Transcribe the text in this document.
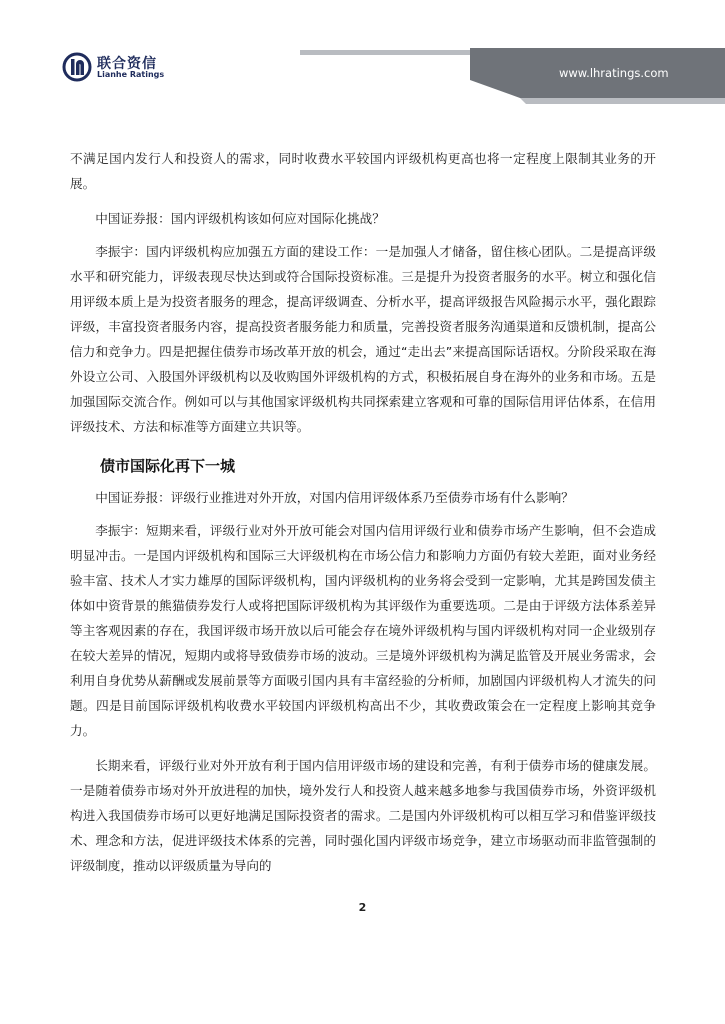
联合资信
Lianhe Ratings	www.lhratings.com

不满足国内发行人和投资人的需求，同时收费水平较国内评级机构更高也将一定程度上限制其业务的开展。

中国证券报：国内评级机构该如何应对国际化挑战？

李振宇：国内评级机构应加强五方面的建设工作：一是加强人才储备，留住核心团队。二是提高评级水平和研究能力，评级表现尽快达到或符合国际投资标准。三是提升为投资者服务的水平。树立和强化信用评级本质上是为投资者服务的理念，提高评级调查、分析水平，提高评级报告风险揭示水平，强化跟踪评级，丰富投资者服务内容，提高投资者服务能力和质量，完善投资者服务沟通渠道和反馈机制，提高公信力和竞争力。四是把握住债券市场改革开放的机会，通过“走出去”来提高国际话语权。分阶段采取在海外设立公司、入股国外评级机构以及收购国外评级机构的方式，积极拓展自身在海外的业务和市场。五是加强国际交流合作。例如可以与其他国家评级机构共同探索建立客观和可靠的国际信用评估体系，在信用评级技术、方法和标准等方面建立共识等。

债市国际化再下一城

中国证券报：评级行业推进对外开放，对国内信用评级体系乃至债券市场有什么影响？

李振宇：短期来看，评级行业对外开放可能会对国内信用评级行业和债券市场产生影响，但不会造成明显冲击。一是国内评级机构和国际三大评级机构在市场公信力和影响力方面仍有较大差距，面对业务经验丰富、技术人才实力雄厚的国际评级机构，国内评级机构的业务将会受到一定影响，尤其是跨国发债主体如中资背景的熊猫债券发行人或将把国际评级机构为其评级作为重要选项。二是由于评级方法体系差异等主客观因素的存在，我国评级市场开放以后可能会存在境外评级机构与国内评级机构对同一企业级别存在较大差异的情况，短期内或将导致债券市场的波动。三是境外评级机构为满足监管及开展业务需求，会利用自身优势从薪酬或发展前景等方面吸引国内具有丰富经验的分析师，加剧国内评级机构人才流失的问题。四是目前国际评级机构收费水平较国内评级机构高出不少，其收费政策会在一定程度上影响其竞争力。

长期来看，评级行业对外开放有利于国内信用评级市场的建设和完善，有利于债券市场的健康发展。一是随着债券市场对外开放进程的加快，境外发行人和投资人越来越多地参与我国债券市场，外资评级机构进入我国债券市场可以更好地满足国际投资者的需求。二是国内外评级机构可以相互学习和借鉴评级技术、理念和方法，促进评级技术体系的完善，同时强化国内评级市场竞争，建立市场驱动而非监管强制的评级制度，推动以评级质量为导向的

2
